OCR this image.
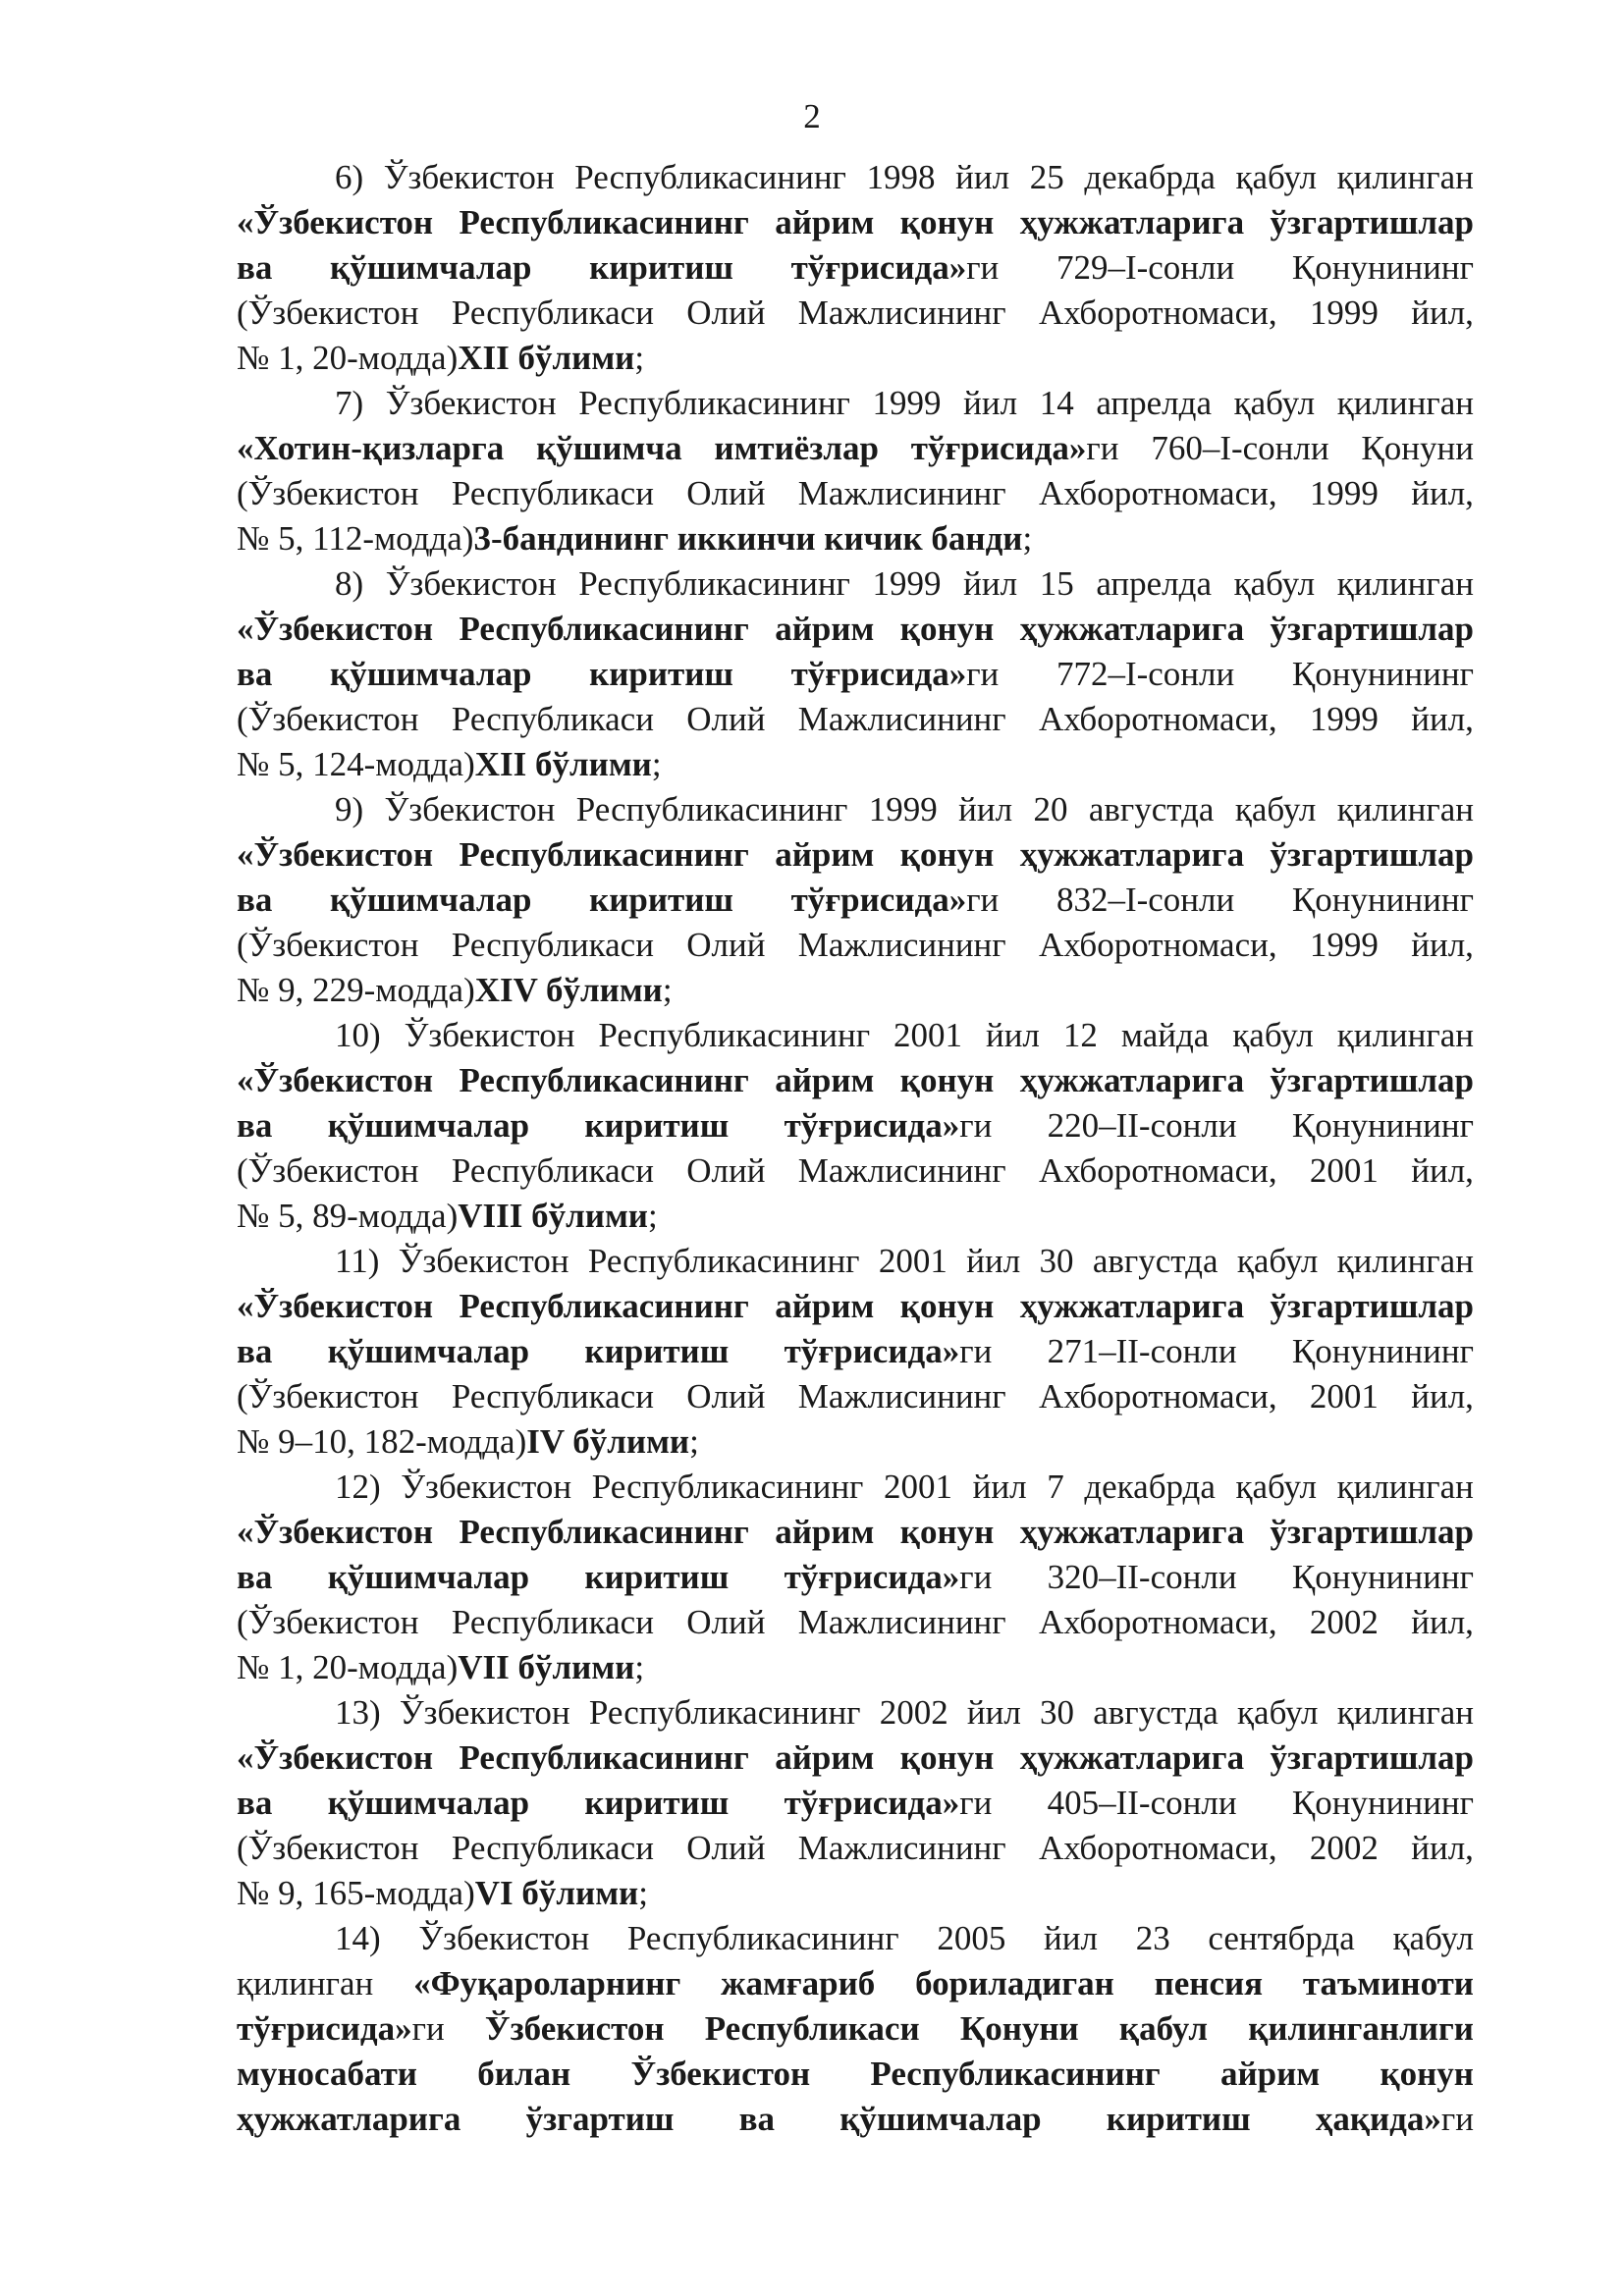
2
6) Ўзбекистон Республикасининг 1998 йил 25 декабрда қабул қилинган
«Ўзбекистон Республикасининг айрим қонун ҳужжатларига ўзгартишлар
ва қўшимчалар киритиш тўғрисида»ги 729–I-сонли Қонунининг
(Ўзбекистон Республикаси Олий Мажлисининг Ахборотномаси, 1999 йил,
№ 1, 20-модда)XII бўлими;
7) Ўзбекистон Республикасининг 1999 йил 14 апрелда қабул қилинган
«Хотин-қизларга қўшимча имтиёзлар тўғрисида»ги 760–I-сонли Қонуни
(Ўзбекистон Республикаси Олий Мажлисининг Ахборотномаси, 1999 йил,
№ 5, 112-модда)3-бандининг иккинчи кичик банди;
8) Ўзбекистон Республикасининг 1999 йил 15 апрелда қабул қилинган
«Ўзбекистон Республикасининг айрим қонун ҳужжатларига ўзгартишлар
ва қўшимчалар киритиш тўғрисида»ги 772–I-сонли Қонунининг
(Ўзбекистон Республикаси Олий Мажлисининг Ахборотномаси, 1999 йил,
№ 5, 124-модда)XII бўлими;
9) Ўзбекистон Республикасининг 1999 йил 20 августда қабул қилинган
«Ўзбекистон Республикасининг айрим қонун ҳужжатларига ўзгартишлар
ва қўшимчалар киритиш тўғрисида»ги 832–I-сонли Қонунининг
(Ўзбекистон Республикаси Олий Мажлисининг Ахборотномаси, 1999 йил,
№ 9, 229-модда)XIV бўлими;
10) Ўзбекистон Республикасининг 2001 йил 12 майда қабул қилинган
«Ўзбекистон Республикасининг айрим қонун ҳужжатларига ўзгартишлар
ва қўшимчалар киритиш тўғрисида»ги 220–II-сонли Қонунининг
(Ўзбекистон Республикаси Олий Мажлисининг Ахборотномаси, 2001 йил,
№ 5, 89-модда)VIII бўлими;
11) Ўзбекистон Республикасининг 2001 йил 30 августда қабул қилинган
«Ўзбекистон Республикасининг айрим қонун ҳужжатларига ўзгартишлар
ва қўшимчалар киритиш тўғрисида»ги 271–II-сонли Қонунининг
(Ўзбекистон Республикаси Олий Мажлисининг Ахборотномаси, 2001 йил,
№ 9–10, 182-модда)IV бўлими;
12) Ўзбекистон Республикасининг 2001 йил 7 декабрда қабул қилинган
«Ўзбекистон Республикасининг айрим қонун ҳужжатларига ўзгартишлар
ва қўшимчалар киритиш тўғрисида»ги 320–II-сонли Қонунининг
(Ўзбекистон Республикаси Олий Мажлисининг Ахборотномаси, 2002 йил,
№ 1, 20-модда)VII бўлими;
13) Ўзбекистон Республикасининг 2002 йил 30 августда қабул қилинган
«Ўзбекистон Республикасининг айрим қонун ҳужжатларига ўзгартишлар
ва қўшимчалар киритиш тўғрисида»ги 405–II-сонли Қонунининг
(Ўзбекистон Республикаси Олий Мажлисининг Ахборотномаси, 2002 йил,
№ 9, 165-модда)VI бўлими;
14) Ўзбекистон Республикасининг 2005 йил 23 сентябрда қабул
қилинган «Фуқароларнинг жамғариб бориладиган пенсия таъминоти
тўғрисида»ги Ўзбекистон Республикаси Қонуни қабул қилинганлиги
муносабати билан Ўзбекистон Республикасининг айрим қонун
ҳужжатларига ўзгартиш ва қўшимчалар киритиш ҳақида»ги
